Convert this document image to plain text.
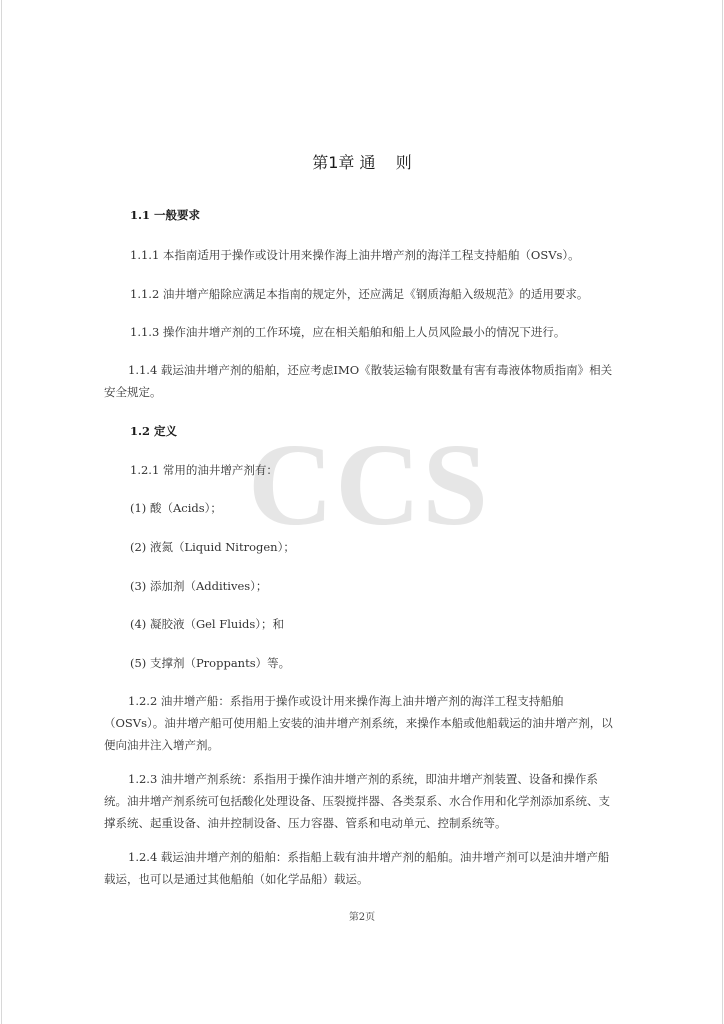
CCS
第1章 通    则
1.1 一般要求
1.1.1 本指南适用于操作或设计用来操作海上油井增产剂的海洋工程支持船舶（OSVs）。
1.1.2 油井增产船除应满足本指南的规定外，还应满足《钢质海船入级规范》的适用要求。
1.1.3 操作油井增产剂的工作环境，应在相关船舶和船上人员风险最小的情况下进行。
1.1.4 载运油井增产剂的船舶，还应考虑IMO《散装运输有限数量有害有毒液体物质指南》相关安全规定。
1.2 定义
1.2.1 常用的油井增产剂有：
(1) 酸（Acids）；
(2) 液氮（Liquid Nitrogen）；
(3) 添加剂（Additives）；
(4) 凝胶液（Gel Fluids）；和
(5) 支撑剂（Proppants）等。
1.2.2 油井增产船：系指用于操作或设计用来操作海上油井增产剂的海洋工程支持船舶（OSVs）。油井增产船可使用船上安装的油井增产剂系统，来操作本船或他船载运的油井增产剂，以便向油井注入增产剂。
1.2.3 油井增产剂系统：系指用于操作油井增产剂的系统，即油井增产剂装置、设备和操作系统。油井增产剂系统可包括酸化处理设备、压裂搅拌器、各类泵系、水合作用和化学剂添加系统、支撑系统、起重设备、油井控制设备、压力容器、管系和电动单元、控制系统等。
1.2.4 载运油井增产剂的船舶：系指船上载有油井增产剂的船舶。油井增产剂可以是油井增产船载运，也可以是通过其他船舶（如化学品船）载运。
第2页
